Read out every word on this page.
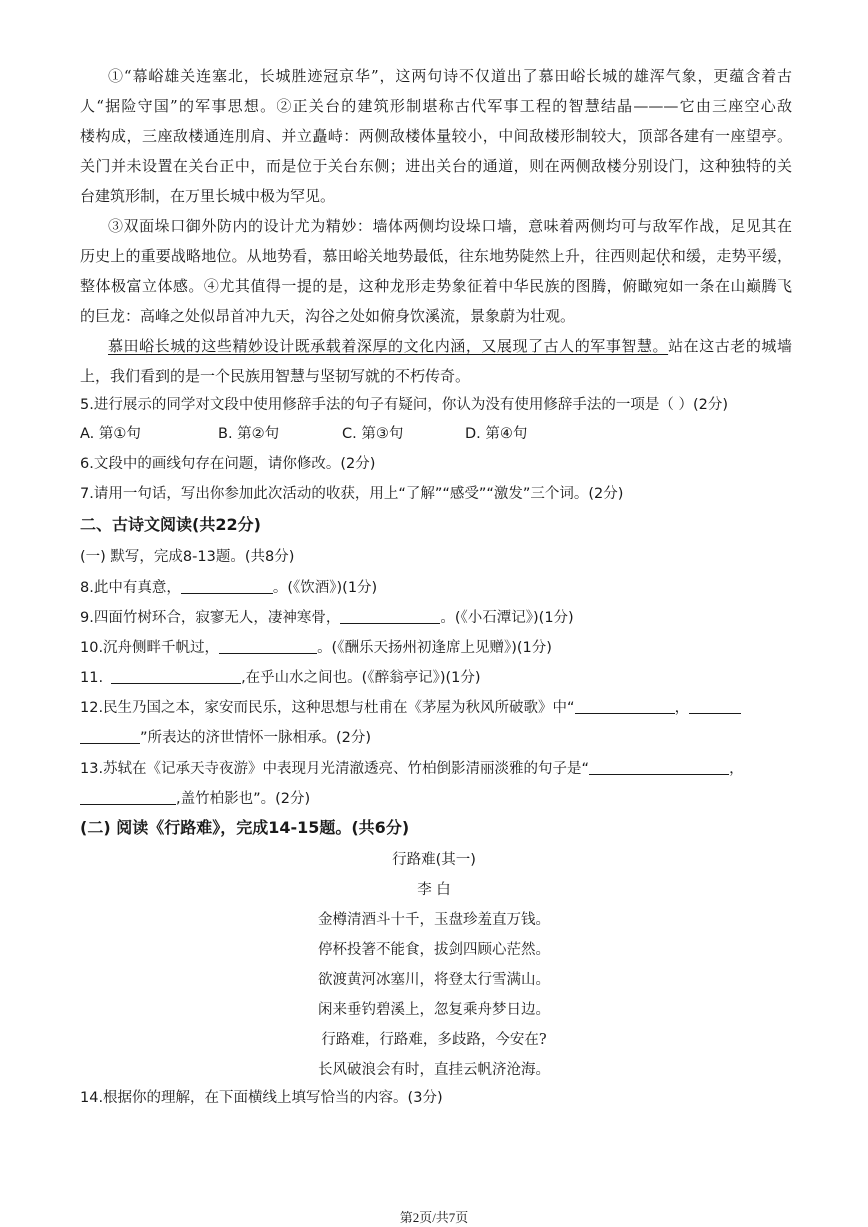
①“幕峪雄关连塞北，长城胜迹冠京华”，这两句诗不仅道出了慕田峪长城的雄浑气象，更蕴含着古
人“据险守国”的军事思想。②正关台的建筑形制堪称古代军事工程的智慧结晶———它由三座空心敌
楼构成，三座敌楼通连刖肩、并立矗峙：两侧敌楼体量较小，中间敌楼形制较大，顶部各建有一座望亭。
关门并未设置在关台正中，而是位于关台东侧；进出关台的通道，则在两侧敌楼分别设门，这种独特的关
台建筑形制，在万里长城中极为罕见。
③双面垛口御外防内的设计尤为精妙：墙体两侧均设垛口墙，意味着两侧均可与敌军作战，足见其在
历史上的重要战略地位。从地势看，慕田峪关地势最低，往东地势陡然上升，往西则起伏和缓，走势平缓，
整体极富立体感。④尤其值得一提的是，这种龙形走势象征着中华民族的图腾，俯瞰宛如一条在山巅腾飞
的巨龙：高峰之处似昂首冲九天，沟谷之处如俯身饮溪流，景象蔚为壮观。
慕田峪长城的这些精妙设计既承载着深厚的文化内涵，又展现了古人的军事智慧。站在这古老的城墙
上，我们看到的是一个民族用智慧与坚韧写就的不朽传奇。
5.进行展示的同学对文段中使用修辞手法的句子有疑问，你认为没有使用修辞手法的一项是（ ）(2分)
A. 第①句	B. 第②句	C. 第③句	D. 第④句
6.文段中的画线句存在问题，请你修改。(2分)
7.请用一句话，写出你参加此次活动的收获，用上“了解”“感受”“激发”三个词。(2分)
二、古诗文阅读(共22分)
(一) 默写，完成8-13题。(共8分)
8.此中有真意，	。(《饮酒》)(1分)
9.四面竹树环合，寂寥无人，凄神寒骨，	。(《小石潭记》)(1分)
10.沉舟侧畔千帆过，	。(《酬乐天扬州初逢席上见赠》)(1分)
11.	,在乎山水之间也。(《醉翁亭记》)(1分)
12.民生乃国之本，家安而民乐，这种思想与杜甫在《茅屋为秋风所破歌》中“	，
”所表达的济世情怀一脉相承。(2分)
13.苏轼在《记承天寺夜游》中表现月光清澈透亮、竹柏倒影清丽淡雅的句子是“	，
,盖竹柏影也”。(2分)
(二) 阅读《行路难》，完成14-15题。(共6分)
行路难(其一)
李 白
金樽清酒斗十千，玉盘珍羞直万钱。
停杯投箸不能食，拔剑四顾心茫然。
欲渡黄河冰塞川，将登太行雪满山。
闲来垂钓碧溪上，忽复乘舟梦日边。
行路难，行路难，多歧路，今安在?
长风破浪会有时，直挂云帆济沧海。
14.根据你的理解，在下面横线上填写恰当的内容。(3分)
第2页/共7页
